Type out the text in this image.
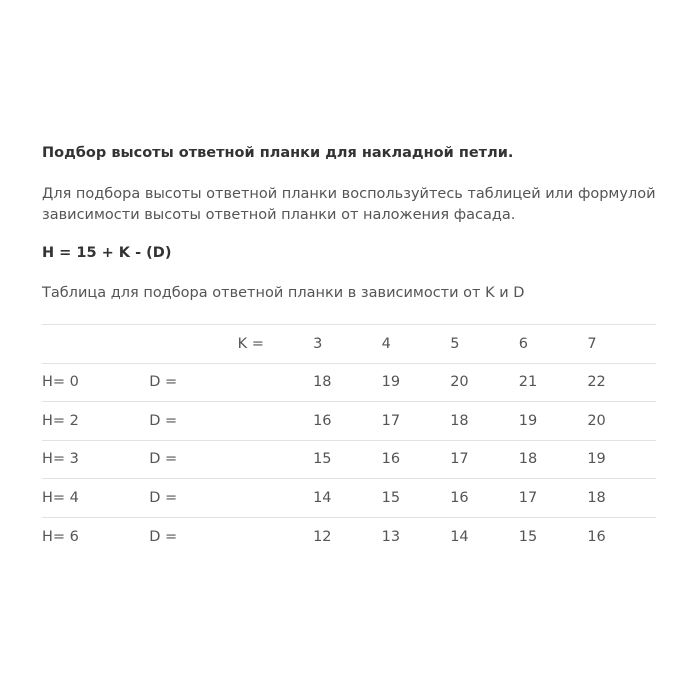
Подбор высоты ответной планки для накладной петли.
Для подбора высоты ответной планки воспользуйтесь таблицей или формулой зависимости высоты ответной планки от наложения фасада.
H = 15 + K - (D)
Таблица для подбора ответной планки в зависимости от K и D
		K =	3	4	5	6	7
H= 0	D =		18	19	20	21	22
H= 2	D =		16	17	18	19	20
H= 3	D =		15	16	17	18	19
H= 4	D =		14	15	16	17	18
H= 6	D =		12	13	14	15	16
